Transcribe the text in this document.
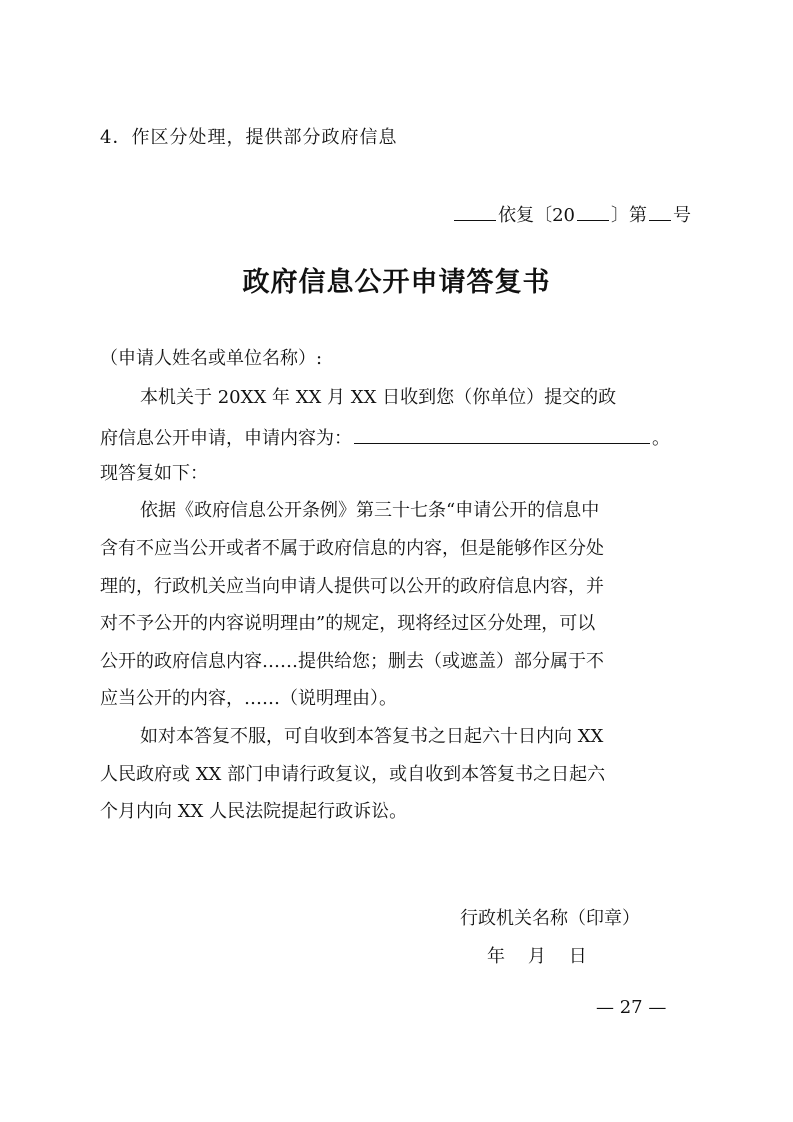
4．作区分处理，提供部分政府信息
依复〔20 〕第 号
政府信息公开申请答复书
（申请人姓名或单位名称）:
本机关于 20XX 年 XX 月 XX 日收到您（你单位）提交的政
府信息公开申请，申请内容为：	。
现答复如下：
依据《政府信息公开条例》第三十七条“申请公开的信息中
含有不应当公开或者不属于政府信息的内容，但是能够作区分处
理的，行政机关应当向申请人提供可以公开的政府信息内容，并
对不予公开的内容说明理由”的规定，现将经过区分处理，可以
公开的政府信息内容……提供给您；删去（或遮盖）部分属于不
应当公开的内容，……（说明理由）。
如对本答复不服，可自收到本答复书之日起六十日内向 XX
人民政府或 XX 部门申请行政复议，或自收到本答复书之日起六
个月内向 XX 人民法院提起行政诉讼。
行政机关名称（印章）
年    月    日
— 27 —
